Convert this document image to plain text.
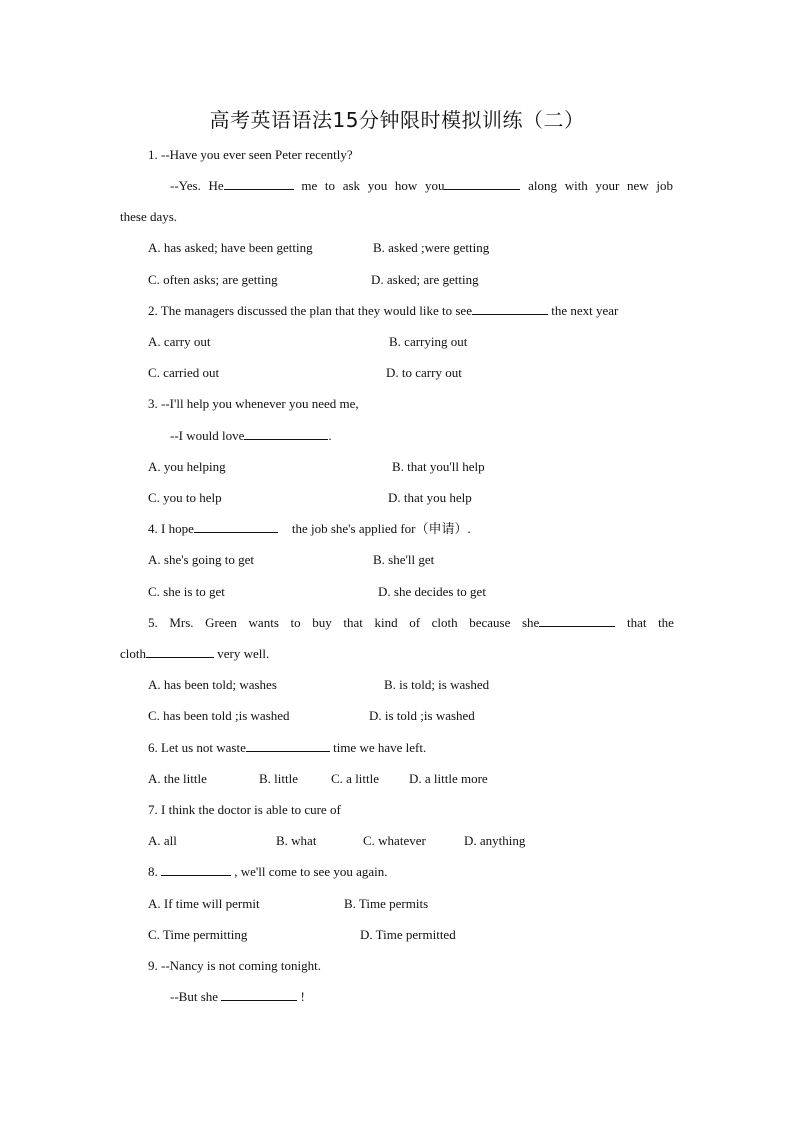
高考英语语法15分钟限时模拟训练（二）
1. --Have you ever seen Peter recently?
--Yes. He	me to ask you how you	along with your new job
these days.
A. has asked; have been getting	B. asked ;were getting
C. often asks; are getting	D. asked; are getting
2. The managers discussed the plan that they would like to see	the next year
A. carry out	B. carrying out
C. carried out	D. to carry out
3. --I'll help you whenever you need me,
--I would love	.
A. you helping	B. that you'll help
C. you to help	D. that you help
4. I hope	the job she's applied for（申请）.
A. she's going to get	B. she'll get
C. she is to get	D. she decides to get
5. Mrs. Green wants to buy that kind of cloth because she	that the
cloth	very well.
A. has been told; washes	B. is told; is washed
C. has been told ;is washed	D. is told ;is washed
6. Let us not waste	time we have left.
A. the little	B. little	C. a little D. a little more
7. I think the doctor is able to cure of
A. all	B. what	C. whatever	D. anything
8.	, we'll come to see you again.
A. If time will permit	B. Time permits
C. Time permitting	D. Time permitted
9. --Nancy is not coming tonight.
--But she	!
